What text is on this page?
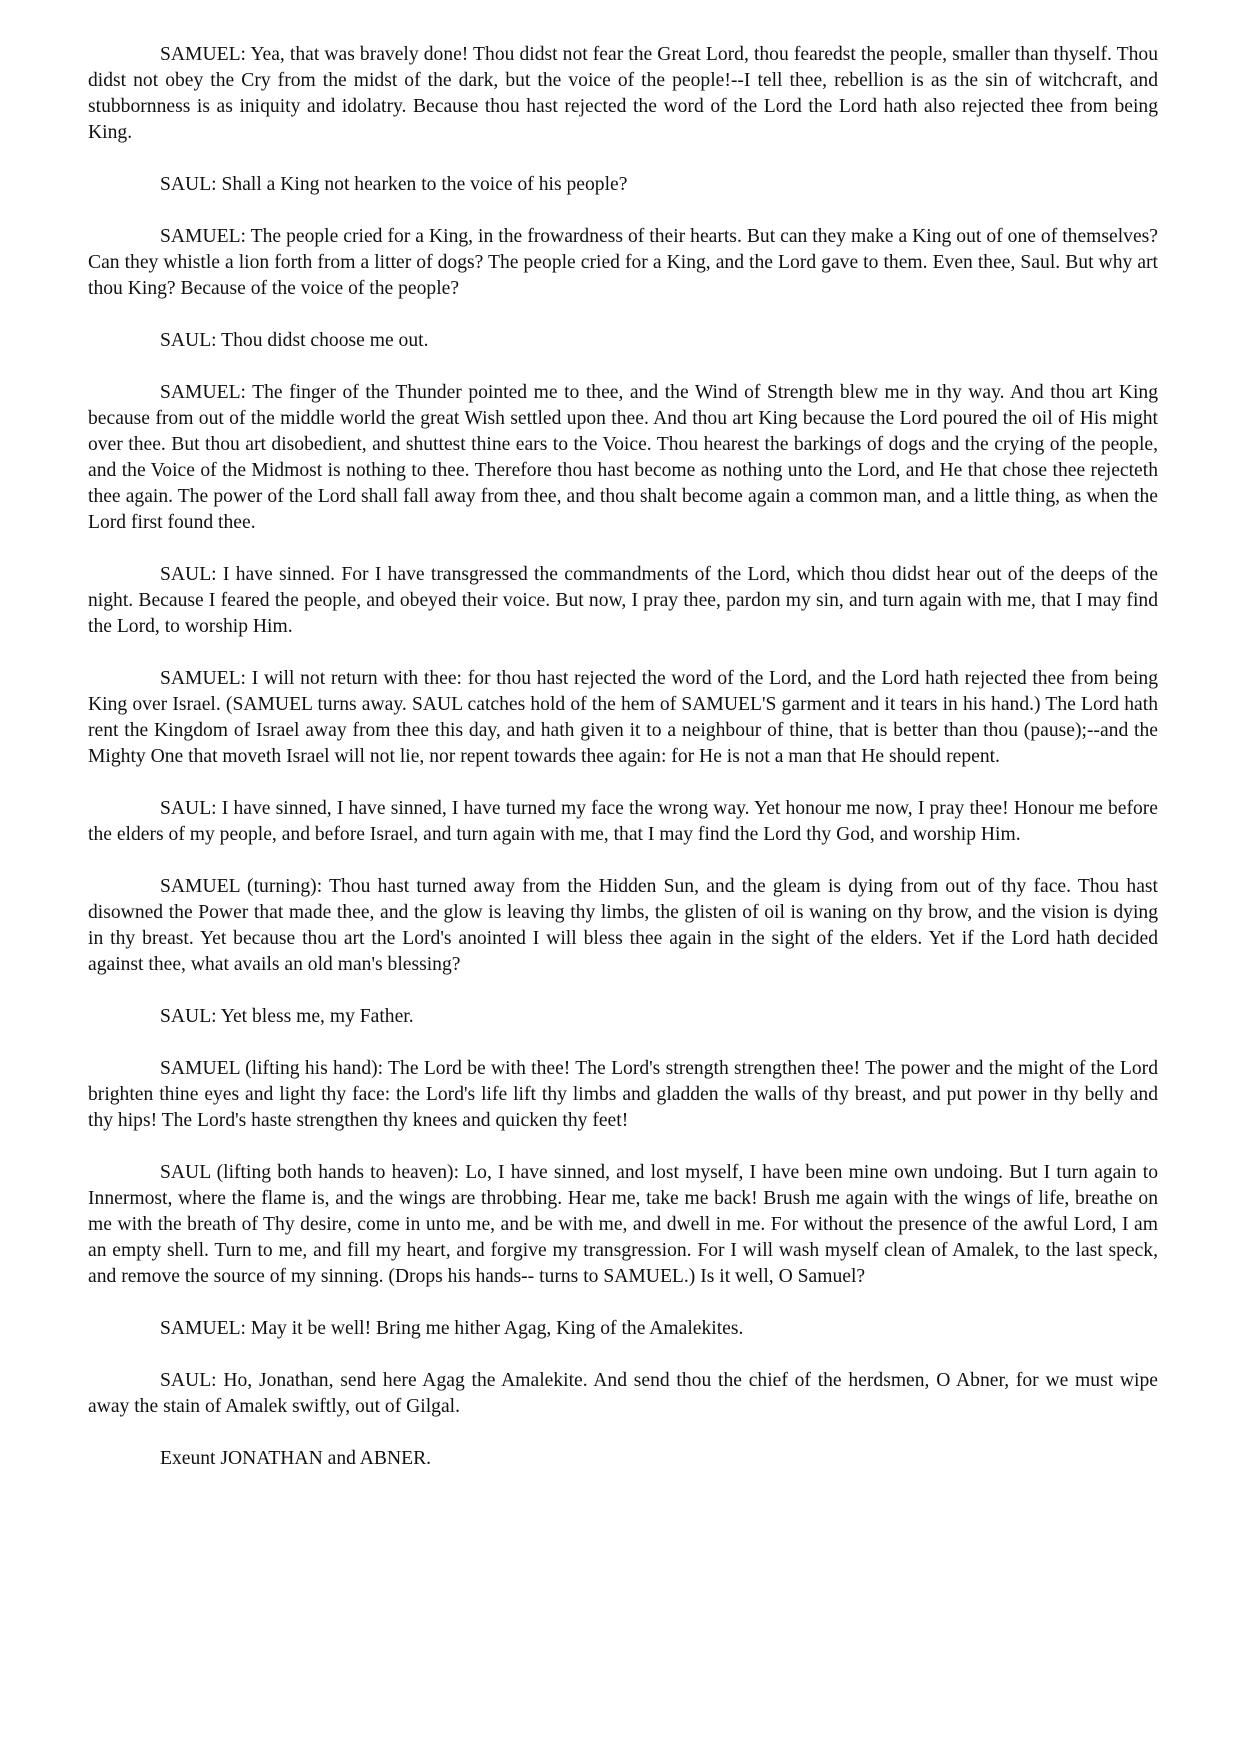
SAMUEL: Yea, that was bravely done! Thou didst not fear the Great Lord, thou fearedst the people, smaller than thyself. Thou didst not obey the Cry from the midst of the dark, but the voice of the people!--I tell thee, rebellion is as the sin of witchcraft, and stubbornness is as iniquity and idolatry. Because thou hast rejected the word of the Lord the Lord hath also rejected thee from being King.

SAUL: Shall a King not hearken to the voice of his people?

SAMUEL: The people cried for a King, in the frowardness of their hearts. But can they make a King out of one of themselves? Can they whistle a lion forth from a litter of dogs? The people cried for a King, and the Lord gave to them. Even thee, Saul. But why art thou King? Because of the voice of the people?

SAUL: Thou didst choose me out.

SAMUEL: The finger of the Thunder pointed me to thee, and the Wind of Strength blew me in thy way. And thou art King because from out of the middle world the great Wish settled upon thee. And thou art King because the Lord poured the oil of His might over thee. But thou art disobedient, and shuttest thine ears to the Voice. Thou hearest the barkings of dogs and the crying of the people, and the Voice of the Midmost is nothing to thee. Therefore thou hast become as nothing unto the Lord, and He that chose thee rejecteth thee again. The power of the Lord shall fall away from thee, and thou shalt become again a common man, and a little thing, as when the Lord first found thee.

SAUL: I have sinned. For I have transgressed the commandments of the Lord, which thou didst hear out of the deeps of the night. Because I feared the people, and obeyed their voice. But now, I pray thee, pardon my sin, and turn again with me, that I may find the Lord, to worship Him.

SAMUEL: I will not return with thee: for thou hast rejected the word of the Lord, and the Lord hath rejected thee from being King over Israel. (SAMUEL turns away. SAUL catches hold of the hem of SAMUEL'S garment and it tears in his hand.) The Lord hath rent the Kingdom of Israel away from thee this day, and hath given it to a neighbour of thine, that is better than thou (pause);--and the Mighty One that moveth Israel will not lie, nor repent towards thee again: for He is not a man that He should repent.

SAUL: I have sinned, I have sinned, I have turned my face the wrong way. Yet honour me now, I pray thee! Honour me before the elders of my people, and before Israel, and turn again with me, that I may find the Lord thy God, and worship Him.

SAMUEL (turning): Thou hast turned away from the Hidden Sun, and the gleam is dying from out of thy face. Thou hast disowned the Power that made thee, and the glow is leaving thy limbs, the glisten of oil is waning on thy brow, and the vision is dying in thy breast. Yet because thou art the Lord's anointed I will bless thee again in the sight of the elders. Yet if the Lord hath decided against thee, what avails an old man's blessing?

SAUL: Yet bless me, my Father.

SAMUEL (lifting his hand): The Lord be with thee! The Lord's strength strengthen thee! The power and the might of the Lord brighten thine eyes and light thy face: the Lord's life lift thy limbs and gladden the walls of thy breast, and put power in thy belly and thy hips! The Lord's haste strengthen thy knees and quicken thy feet!

SAUL (lifting both hands to heaven): Lo, I have sinned, and lost myself, I have been mine own undoing. But I turn again to Innermost, where the flame is, and the wings are throbbing. Hear me, take me back! Brush me again with the wings of life, breathe on me with the breath of Thy desire, come in unto me, and be with me, and dwell in me. For without the presence of the awful Lord, I am an empty shell. Turn to me, and fill my heart, and forgive my transgression. For I will wash myself clean of Amalek, to the last speck, and remove the source of my sinning. (Drops his hands-- turns to SAMUEL.) Is it well, O Samuel?

SAMUEL: May it be well! Bring me hither Agag, King of the Amalekites.

SAUL: Ho, Jonathan, send here Agag the Amalekite. And send thou the chief of the herdsmen, O Abner, for we must wipe away the stain of Amalek swiftly, out of Gilgal.

Exeunt JONATHAN and ABNER.
